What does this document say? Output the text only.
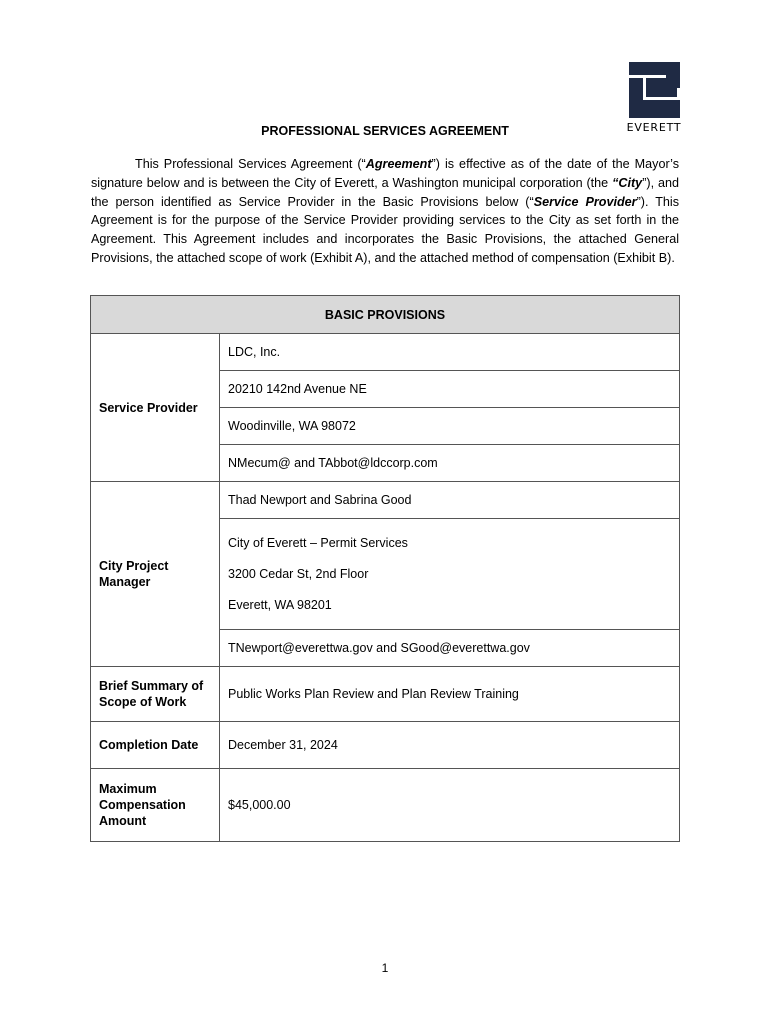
EVERETT
PROFESSIONAL SERVICES AGREEMENT

This Professional Services Agreement (“Agreement”) is effective as of the date of the Mayor’s signature below and is between the City of Everett, a Washington municipal corporation (the “City”), and the person identified as Service Provider in the Basic Provisions below (“Service Provider”). This Agreement is for the purpose of the Service Provider providing services to the City as set forth in the Agreement. This Agreement includes and incorporates the Basic Provisions, the attached General Provisions, the attached scope of work (Exhibit A), and the attached method of compensation (Exhibit B).

BASIC PROVISIONS	
Service Provider	LDC, Inc.
	20210 142nd Avenue NE
	Woodinville, WA 98072
	NMecum@ and TAbbot@ldccorp.com
City Project Manager	Thad Newport and Sabrina Good

	City of Everett – Permit Services
3200 Cedar St, 2nd Floor
Everett, WA 98201

	TNewport@everettwa.gov and SGood@everettwa.gov
Brief Summary of Scope of Work	Public Works Plan Review and Plan Review Training
Completion Date	December 31, 2024
Maximum Compensation Amount	$45,000.00
1
